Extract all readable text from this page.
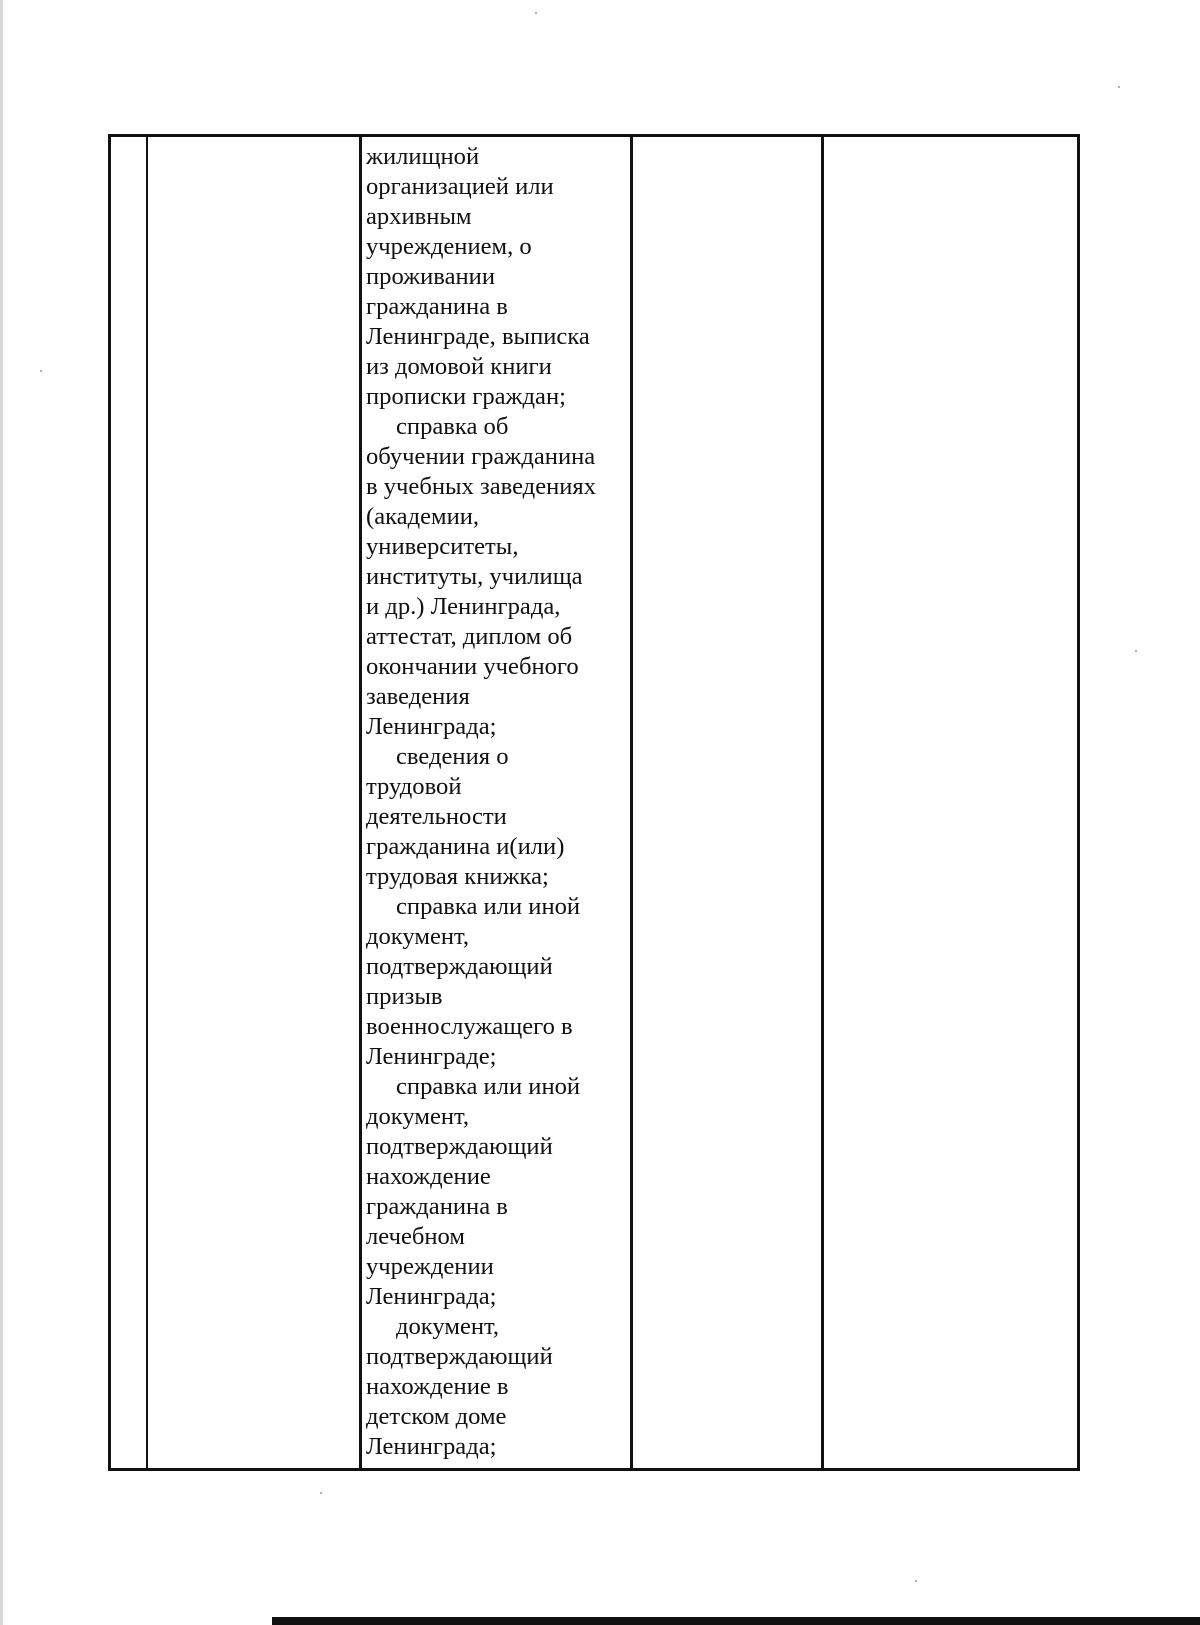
жилищной
организацией или
архивным
учреждением, о
проживании
гражданина в
Ленинграде, выписка
из домовой книги
прописки граждан;
справка об
обучении гражданина
в учебных заведениях
(академии,
университеты,
институты, училища
и др.) Ленинграда,
аттестат, диплом об
окончании учебного
заведения
Ленинграда;
сведения о
трудовой
деятельности
гражданина и(или)
трудовая книжка;
справка или иной
документ,
подтверждающий
призыв
военнослужащего в
Ленинграде;
справка или иной
документ,
подтверждающий
нахождение
гражданина в
лечебном
учреждении
Ленинграда;
документ,
подтверждающий
нахождение в
детском доме
Ленинграда;
